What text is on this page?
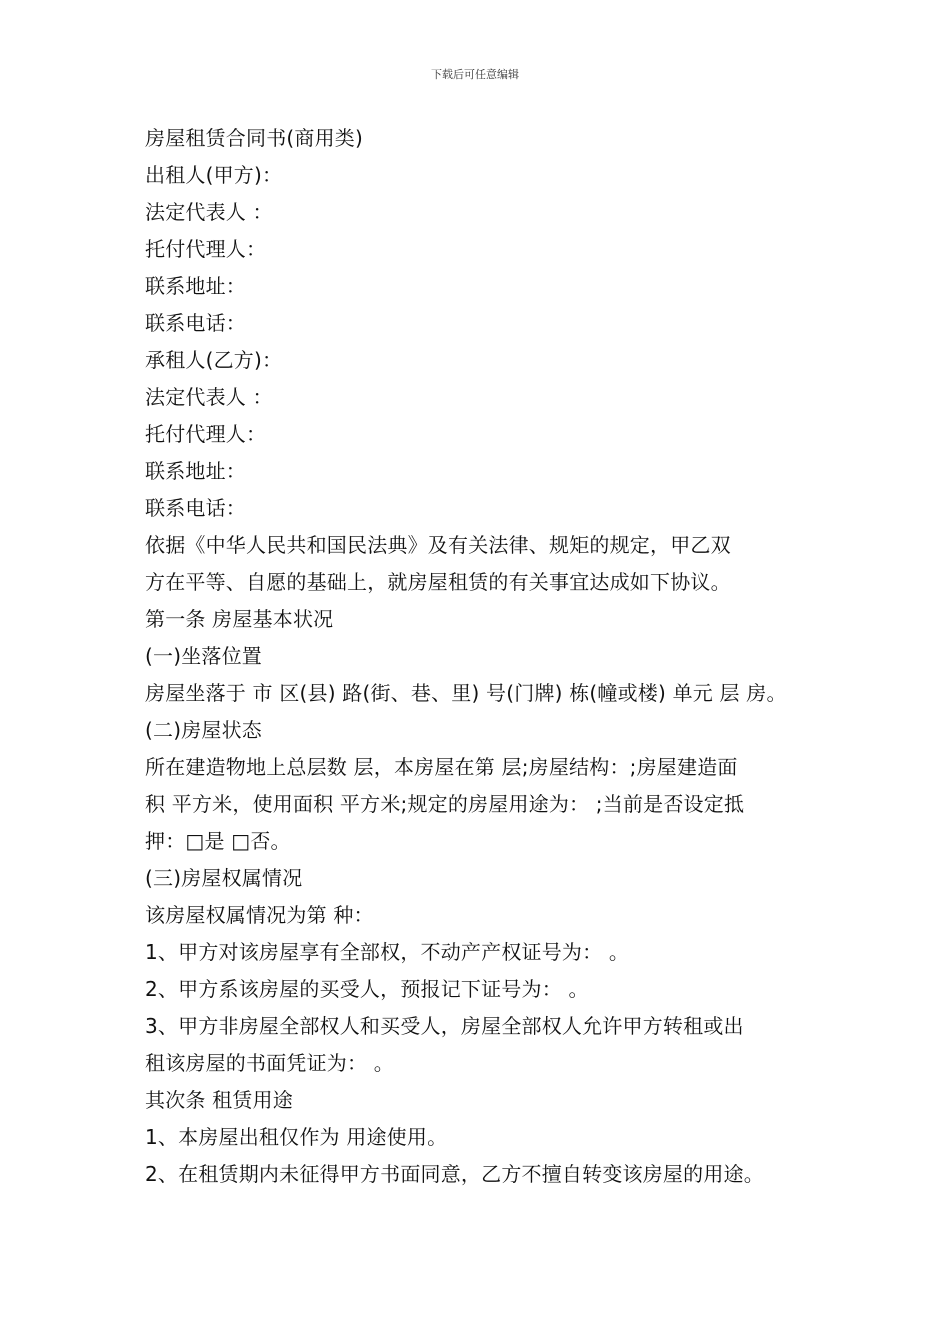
下载后可任意编辑
房屋租赁合同书(商用类)
出租人(甲方)：
法定代表人 ：
托付代理人：
联系地址：
联系电话：
承租人(乙方)：
法定代表人 ：
托付代理人：
联系地址：
联系电话：
依据《中华人民共和国民法典》及有关法律、规矩的规定，甲乙双
方在平等、自愿的基础上，就房屋租赁的有关事宜达成如下协议。
第一条 房屋基本状况
(一)坐落位置
房屋坐落于 市 区(县) 路(街、巷、里) 号(门牌) 栋(幢或楼) 单元 层 房。
(二)房屋状态
所在建造物地上总层数 层，本房屋在第 层;房屋结构：;房屋建造面
积 平方米，使用面积 平方米;规定的房屋用途为： ;当前是否设定抵
押：□是 □否。
(三)房屋权属情况
该房屋权属情况为第 种：
1、甲方对该房屋享有全部权，不动产产权证号为： 。
2、甲方系该房屋的买受人，预报记下证号为： 。
3、甲方非房屋全部权人和买受人，房屋全部权人允许甲方转租或出
租该房屋的书面凭证为： 。
其次条 租赁用途
1、本房屋出租仅作为 用途使用。
2、在租赁期内未征得甲方书面同意，乙方不擅自转变该房屋的用途。
